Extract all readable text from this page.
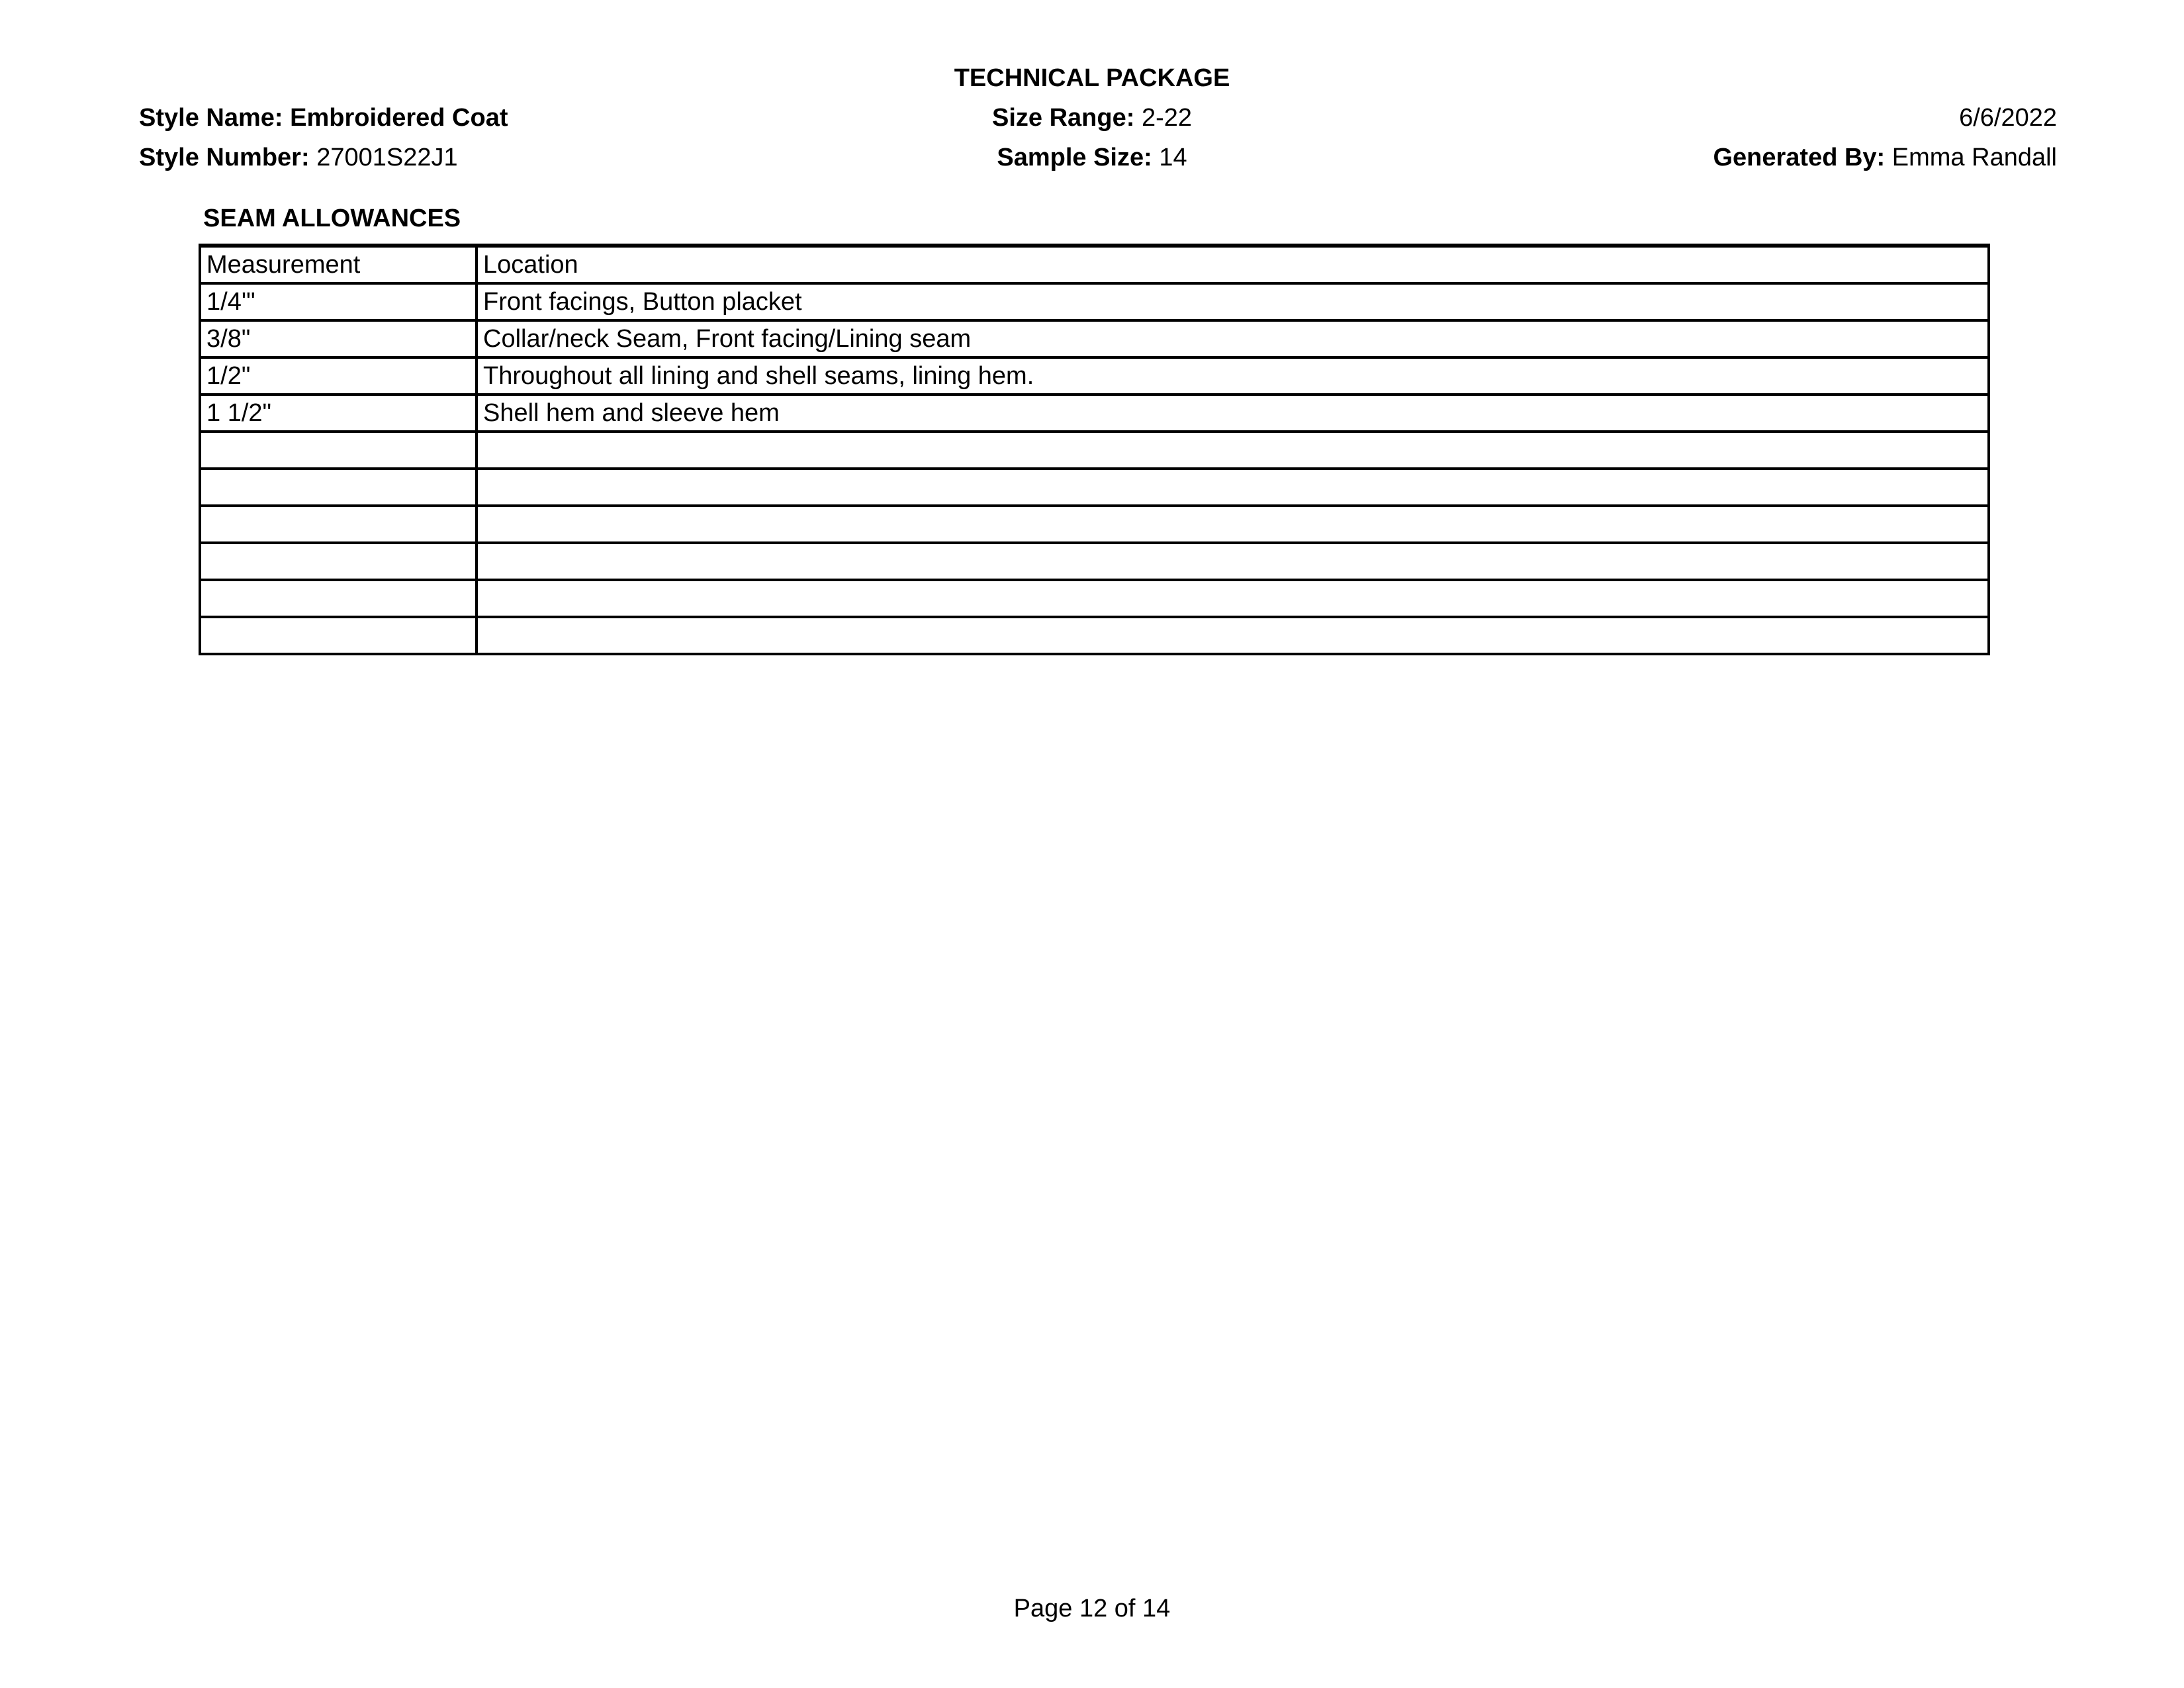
Style Name: Embroidered Coat
Style Number: 27001S22J1
TECHNICAL PACKAGE
Size Range: 2-22
Sample Size: 14
6/6/2022
Generated By: Emma Randall
SEAM ALLOWANCES
Measurement	Location
1/4'"	Front facings, Button placket
3/8"	Collar/neck Seam, Front facing/Lining seam
1/2"	Throughout all lining and shell seams, lining hem.
1 1/2"	Shell hem and sleeve hem

Page 12 of 14
